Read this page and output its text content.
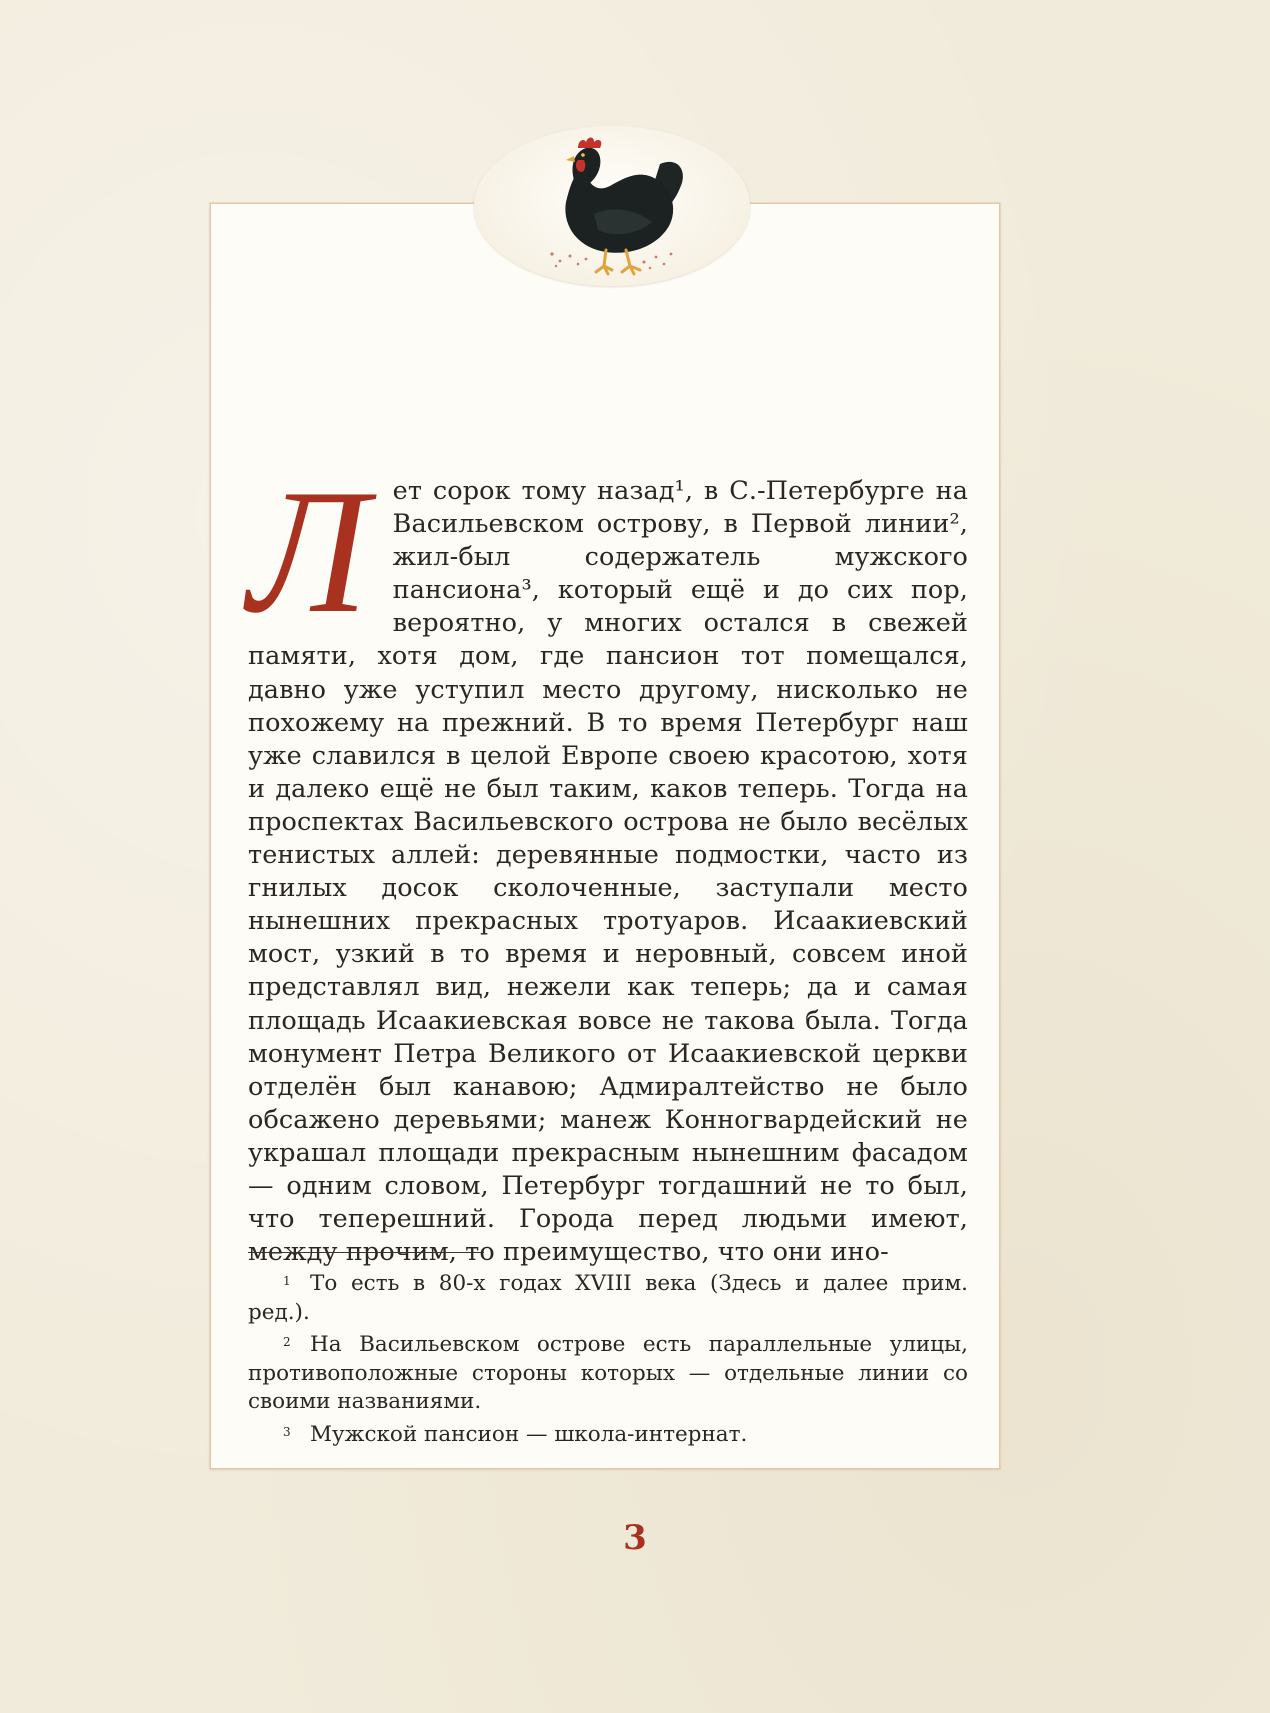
Л ет сорок тому назад¹, в С.-Петербурге на Васильевском острову, в Первой линии², жил-был содержатель мужского пансиона³, который ещё и до сих пор, вероятно, у многих остался в свежей памяти, хотя дом, где пансион тот помещался, давно уже уступил место другому, нисколько не похожему на прежний. В то время Петербург наш уже славился в целой Европе своею красотою, хотя и далеко ещё не был таким, каков теперь. Тогда на проспектах Васильевского острова не было весёлых тенистых аллей: деревянные подмостки, часто из гнилых досок сколоченные, заступали место нынешних прекрасных тротуаров. Исаакиевский мост, узкий в то время и неровный, совсем иной представлял вид, нежели как теперь; да и самая площадь Исаакиевская вовсе не такова была. Тогда монумент Петра Великого от Исаакиевской церкви отделён был канавою; Адмиралтейство не было обсажено деревьями; манеж Конногвардейский не украшал площади прекрасным нынешним фасадом — одним словом, Петербург тогдашний не то был, что теперешний. Города перед людьми имеют, между прочим, то преимущество, что они ино-

1 То есть в 80-х годах XVIII века (Здесь и далее прим. ред.).
2 На Васильевском острове есть параллельные улицы, противоположные стороны которых — отдельные линии со своими названиями.
3 Мужской пансион — школа-интернат.
3
